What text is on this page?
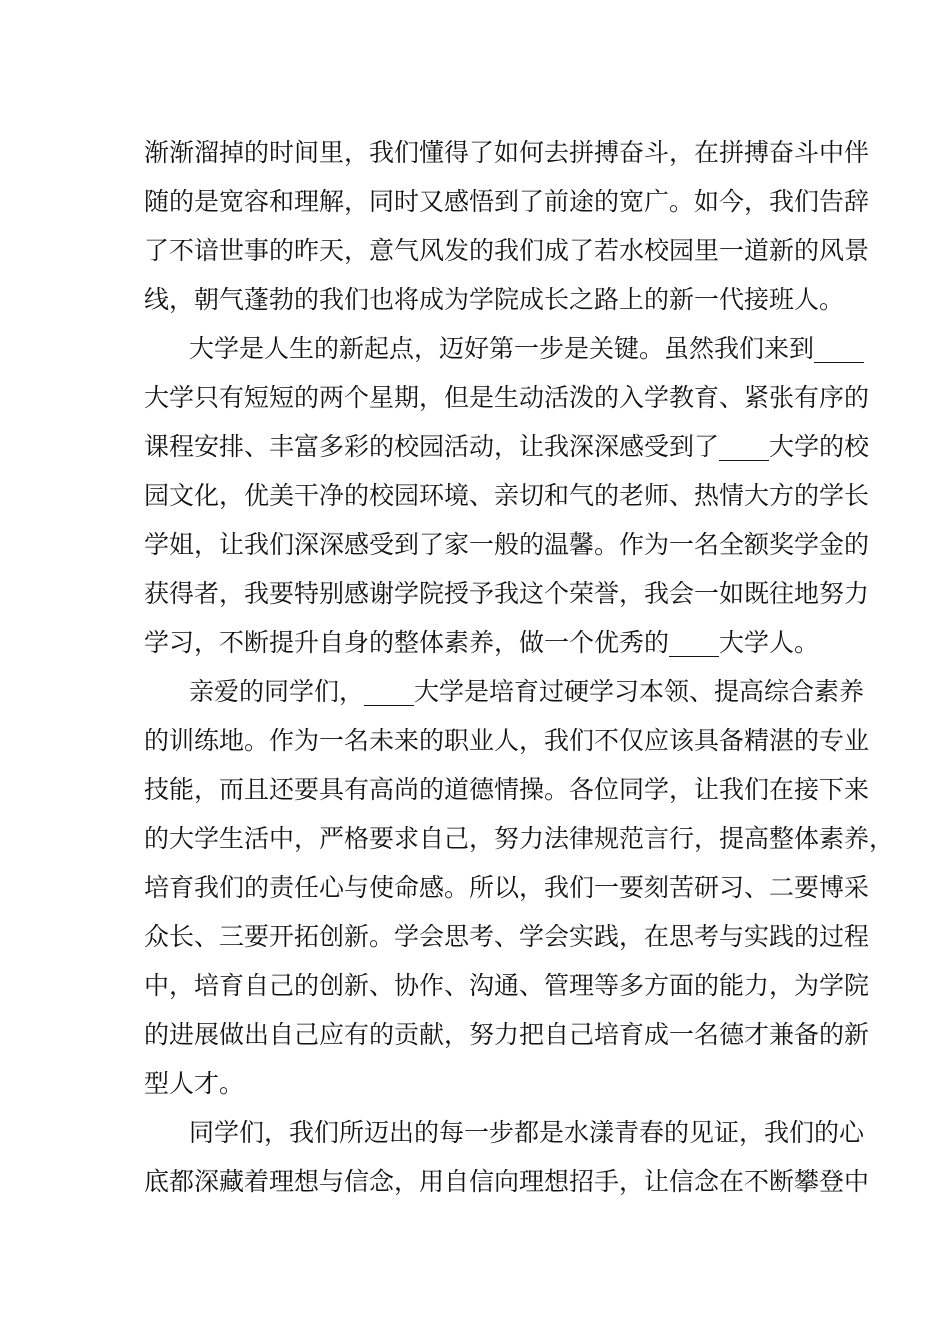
渐渐溜掉的时间里，我们懂得了如何去拼搏奋斗，在拼搏奋斗中伴
随的是宽容和理解，同时又感悟到了前途的宽广。如今，我们告辞
了不谙世事的昨天，意气风发的我们成了若水校园里一道新的风景
线，朝气蓬勃的我们也将成为学院成长之路上的新一代接班人。
大学是人生的新起点，迈好第一步是关键。虽然我们来到____
大学只有短短的两个星期，但是生动活泼的入学教育、紧张有序的
课程安排、丰富多彩的校园活动，让我深深感受到了____大学的校
园文化，优美干净的校园环境、亲切和气的老师、热情大方的学长
学姐，让我们深深感受到了家一般的温馨。作为一名全额奖学金的
获得者，我要特别感谢学院授予我这个荣誉，我会一如既往地努力
学习，不断提升自身的整体素养，做一个优秀的____大学人。
亲爱的同学们，____大学是培育过硬学习本领、提高综合素养
的训练地。作为一名未来的职业人，我们不仅应该具备精湛的专业
技能，而且还要具有高尚的道德情操。各位同学，让我们在接下来
的大学生活中，严格要求自己，努力法律规范言行，提高整体素养，
培育我们的责任心与使命感。所以，我们一要刻苦研习、二要博采
众长、三要开拓创新。学会思考、学会实践，在思考与实践的过程
中，培育自己的创新、协作、沟通、管理等多方面的能力，为学院
的进展做出自己应有的贡献，努力把自己培育成一名德才兼备的新
型人才。
同学们，我们所迈出的每一步都是水漾青春的见证，我们的心
底都深藏着理想与信念，用自信向理想招手，让信念在不断攀登中
